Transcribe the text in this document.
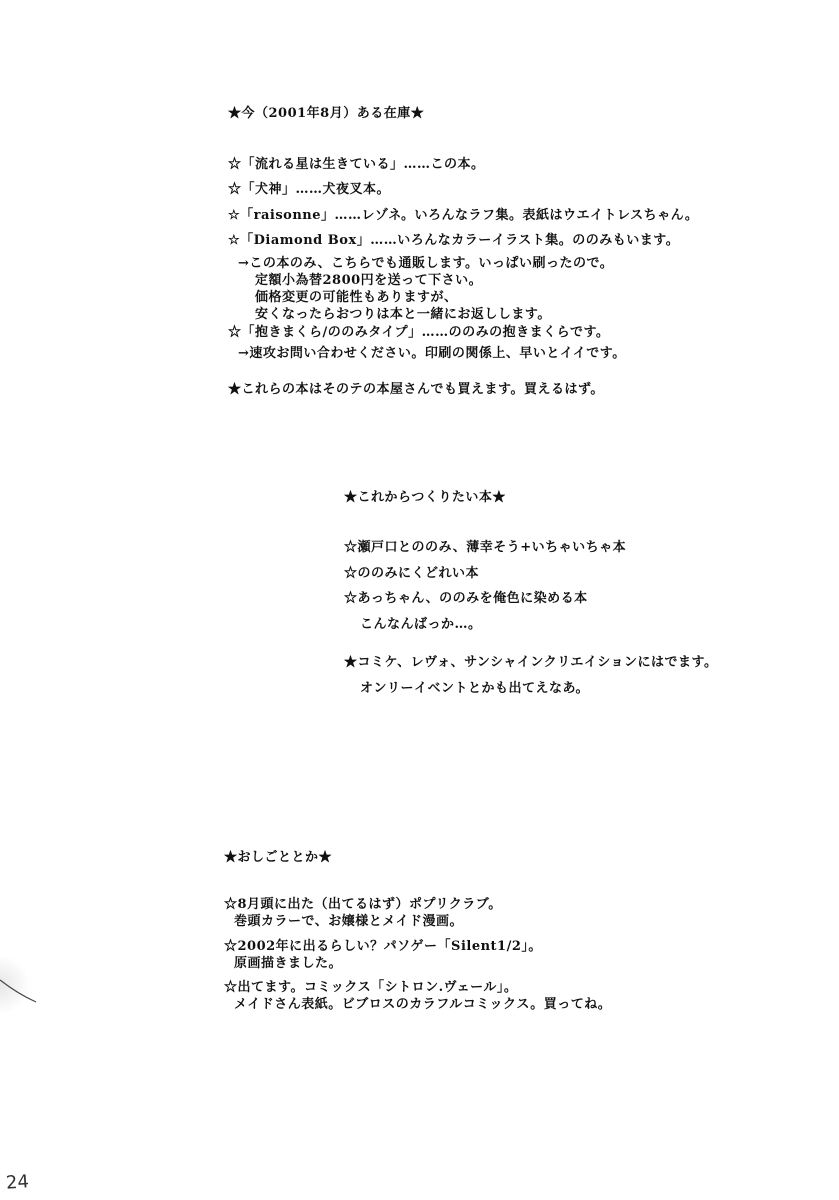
★今（2001年8月）ある在庫★
☆「流れる星は生きている」……この本。
☆「犬神」……犬夜叉本。
☆「raisonne」……レゾネ。いろんなラフ集。表紙はウエイトレスちゃん。
☆「Diamond Box」……いろんなカラーイラスト集。ののみもいます。
→この本のみ、こちらでも通販します。いっぱい刷ったので。
定額小為替2800円を送って下さい。
価格変更の可能性もありますが、
安くなったらおつりは本と一緒にお返しします。
☆「抱きまくら/ののみタイプ」……ののみの抱きまくらです。
→速攻お問い合わせください。印刷の関係上、早いとイイです。
★これらの本はそのテの本屋さんでも買えます。買えるはず。
★これからつくりたい本★
☆瀬戸口とののみ、薄幸そう+いちゃいちゃ本
☆ののみにくどれい本
☆あっちゃん、ののみを俺色に染める本
こんなんばっか…。
★コミケ、レヴォ、サンシャインクリエイションにはでます。
オンリーイベントとかも出てえなあ。
★おしごととか★
☆8月頭に出た（出てるはず）ポプリクラブ。
巻頭カラーで、お嬢様とメイド漫画。
☆2002年に出るらしい？パソゲー「Silent1/2」。
原画描きました。
☆出てます。コミックス「シトロン.ヴェール」。
メイドさん表紙。ビブロスのカラフルコミックス。買ってね。
24
